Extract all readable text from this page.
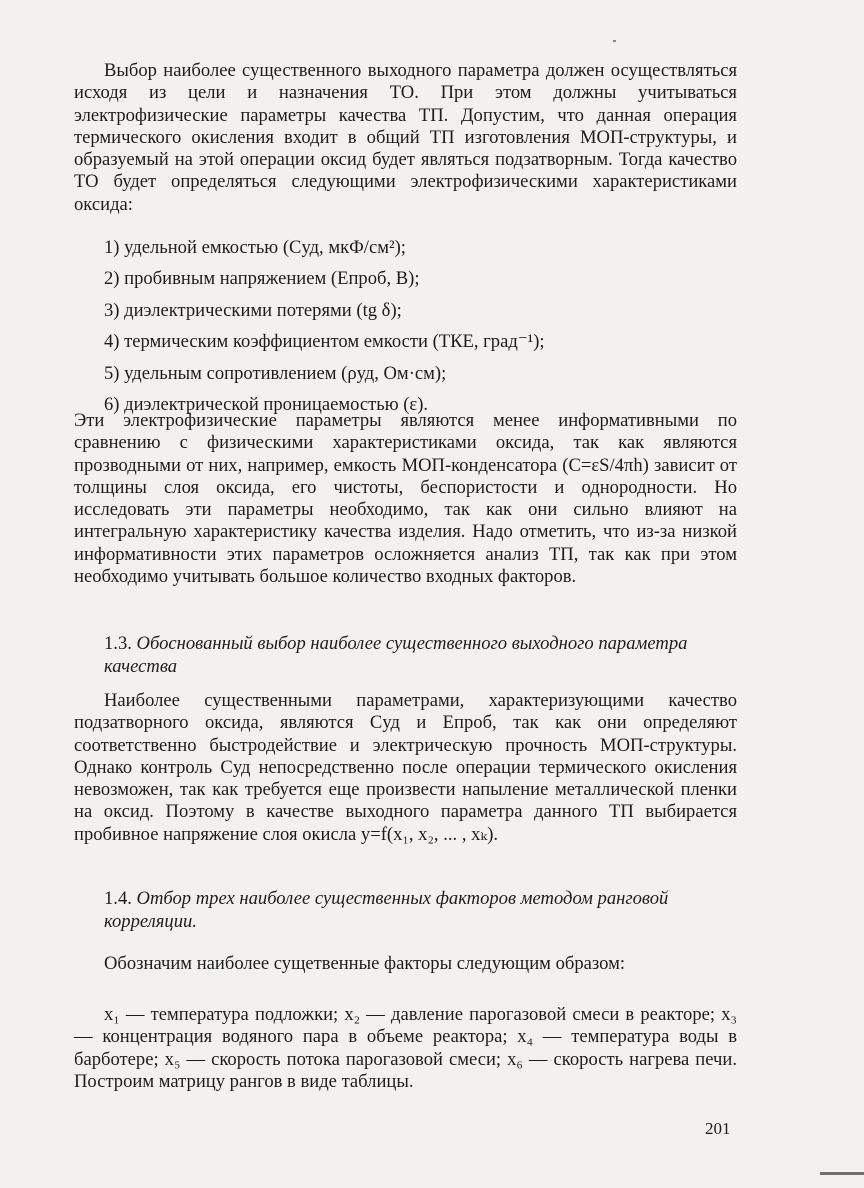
Выбор наиболее существенного выходного параметра должен осуществляться исходя из цели и назначения ТО. При этом должны учитываться электрофизические параметры качества ТП. Допустим, что данная операция термического окисления входит в общий ТП изготовления МОП-структуры, и образуемый на этой операции оксид будет являться подзатворным. Тогда качество ТО будет определяться следующими электрофизическими характеристиками оксида:

1) удельной емкостью (Cуд, мкФ/см²);
2) пробивным напряжением (Eпроб, В);
3) диэлектрическими потерями (tg δ);
4) термическим коэффициентом емкости (ТКЕ, град⁻¹);
5) удельным сопротивлением (ρуд, Ом·см);
6) диэлектрической проницаемостью (ε).

Эти электрофизические параметры являются менее информативными по сравнению с физическими характеристиками оксида, так как являются прозводными от них, например, емкость МОП-конденсатора (C=εS/4πh) зависит от толщины слоя оксида, его чистоты, беспористости и однородности. Но исследовать эти параметры необходимо, так как они сильно влияют на интегральную характеристику качества изделия. Надо отметить, что из-за низкой информативности этих параметров осложняется анализ ТП, так как при этом необходимо учитывать большое количество входных факторов.

1.3. Обоснованный выбор наиболее существенного выходного параметра качества

Наиболее существенными параметрами, характеризующими качество подзатворного оксида, являются Cуд и Eпроб, так как они определяют соответственно быстродействие и электрическую прочность МОП-структуры. Однако контроль Cуд непосредственно после операции термического окисления невозможен, так как требуется еще произвести напыление металлической пленки на оксид. Поэтому в качестве выходного параметра данного ТП выбирается пробивное напряжение слоя окисла y=f(x₁, x₂, ... , xₖ).

1.4. Отбор трех наиболее существенных факторов методом ранговой корреляции.

Обозначим наиболее сущетвенные факторы следующим образом:

x₁ — температура подложки; x₂ — давление парогазовой смеси в реакторе; x₃ — концентрация водяного пара в объеме реактора; x₄ — температура воды в барботере; x₅ — скорость потока парогазовой смеси; x₆ — скорость нагрева печи. Построим матрицу рангов в виде таблицы.

201
